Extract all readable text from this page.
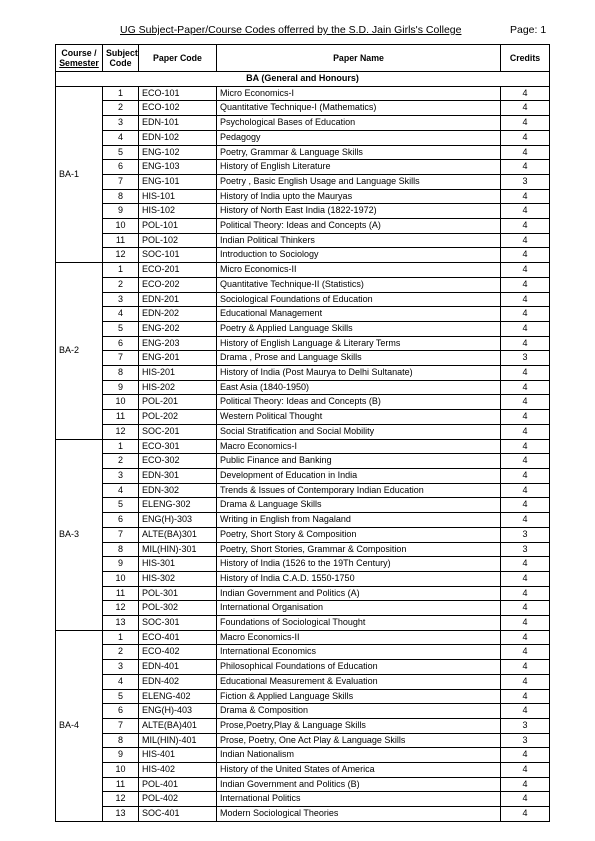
UG Subject-Paper/Course Codes offerred by the S.D. Jain Girls's College	Page: 1
Course /
Semester	Subject
Code	Paper Code	Paper Name	Credits
BA (General and Honours)				
BA-1	1	ECO-101	Micro Economics-I	4
	2	ECO-102	Quantitative Technique-I (Mathematics)	4
	3	EDN-101	Psychological Bases of Education	4
	4	EDN-102	Pedagogy	4
	5	ENG-102	Poetry, Grammar & Language Skills	4
	6	ENG-103	History of English Literature	4
	7	ENG-101	Poetry , Basic English Usage and Language Skills	3
	8	HIS-101	History of India upto the Mauryas	4
	9	HIS-102	History of North East India (1822-1972)	4
	10	POL-101	Political Theory: Ideas and Concepts (A)	4
	11	POL-102	Indian Political Thinkers	4
	12	SOC-101	Introduction to Sociology	4
BA-2	1	ECO-201	Micro Economics-II	4
	2	ECO-202	Quantitative Technique-II (Statistics)	4
	3	EDN-201	Sociological Foundations of Education	4
	4	EDN-202	Educational Management	4
	5	ENG-202	Poetry & Applied Language Skills	4
	6	ENG-203	History of English Language & Literary Terms	4
	7	ENG-201	Drama , Prose and Language Skills	3
	8	HIS-201	History of India (Post Maurya to Delhi Sultanate)	4
	9	HIS-202	East Asia (1840-1950)	4
	10	POL-201	Political Theory: Ideas and Concepts (B)	4
	11	POL-202	Western Political Thought	4
	12	SOC-201	Social Stratification and Social Mobility	4
BA-3	1	ECO-301	Macro Economics-I	4
	2	ECO-302	Public Finance and Banking	4
	3	EDN-301	Development of Education in India	4
	4	EDN-302	Trends & Issues of Contemporary Indian Education	4
	5	ELENG-302	Drama & Language Skills	4
	6	ENG(H)-303	Writing in English from Nagaland	4
	7	ALTE(BA)301	Poetry, Short Story & Composition	3
	8	MIL(HIN)-301	Poetry, Short Stories, Grammar & Composition	3
	9	HIS-301	History of India (1526 to the 19Th Century)	4
	10	HIS-302	History of India C.A.D. 1550-1750	4
	11	POL-301	Indian Government and Politics (A)	4
	12	POL-302	International Organisation	4
	13	SOC-301	Foundations of Sociological Thought	4
BA-4	1	ECO-401	Macro Economics-II	4
	2	ECO-402	International Economics	4
	3	EDN-401	Philosophical Foundations of Education	4
	4	EDN-402	Educational Measurement & Evaluation	4
	5	ELENG-402	Fiction & Applied Language Skills	4
	6	ENG(H)-403	Drama & Composition	4
	7	ALTE(BA)401	Prose,Poetry,Play & Language Skills	3
	8	MIL(HIN)-401	Prose, Poetry, One Act Play & Language Skills	3
	9	HIS-401	Indian Nationalism	4
	10	HIS-402	History of the United States of America	4
	11	POL-401	Indian Government and Politics (B)	4
	12	POL-402	International Politics	4
	13	SOC-401	Modern Sociological Theories	4
